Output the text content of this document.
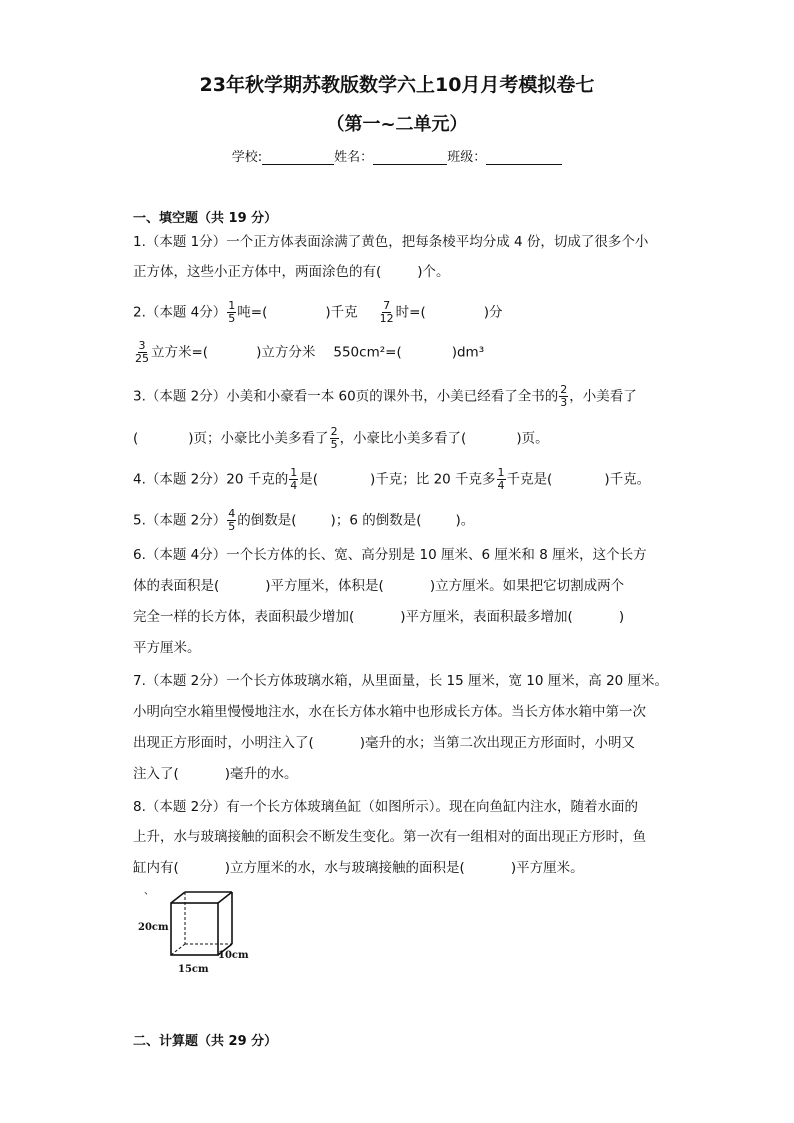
23年秋学期苏教版数学六上10月月考模拟卷七
（第一~二单元）
学校:	姓名：	班级：
一、填空题（共 19 分）
1.（本题 1分）一个正方体表面涂满了黄色，把每条棱平均分成 4 份，切成了很多个小
正方体，这些小正方体中，两面涂色的有(	)个。
2.（本题 4分） $\frac{1}{5}$ 吨=(	)千克 $\frac{7}{12}$ 时=(	)分
$\frac{3}{25}$ 立方米=(	)立方分米 550cm²=(	)dm³
3.（本题 2分）小美和小豪看一本 60页的课外书，小美已经看了全书的 $\frac{2}{3}$ ，小美看了
(	)页；小豪比小美多看了 $\frac{2}{5}$ ，小豪比小美多看了(	)页。
4.（本题 2分）20 千克的 $\frac{1}{4}$ 是(	)千克；比 20 千克多 $\frac{1}{4}$ 千克是(	)千克。
5.（本题 2分） $\frac{4}{5}$ 的倒数是(	)；6 的倒数是(	)。
6.（本题 4分）一个长方体的长、宽、高分别是 10 厘米、6 厘米和 8 厘米，这个长方
体的表面积是(	)平方厘米，体积是(	)立方厘米。如果把它切割成两个
完全一样的长方体，表面积最少增加(	)平方厘米，表面积最多增加(	)
平方厘米。
7.（本题 2分）一个长方体玻璃水箱，从里面量，长 15 厘米，宽 10 厘米，高 20 厘米。
小明向空水箱里慢慢地注水，水在长方体水箱中也形成长方体。当长方体水箱中第一次
出现正方形面时，小明注入了(	)毫升的水；当第二次出现正方形面时，小明又
注入了(	)毫升的水。
8.（本题 2分）有一个长方体玻璃鱼缸（如图所示）。现在向鱼缸内注水，随着水面的
上升，水与玻璃接触的面积会不断发生变化。第一次有一组相对的面出现正方形时，鱼
缸内有(	)立方厘米的水，水与玻璃接触的面积是(	)平方厘米。
、
20cm
10cm
15cm
二、计算题（共 29 分）
